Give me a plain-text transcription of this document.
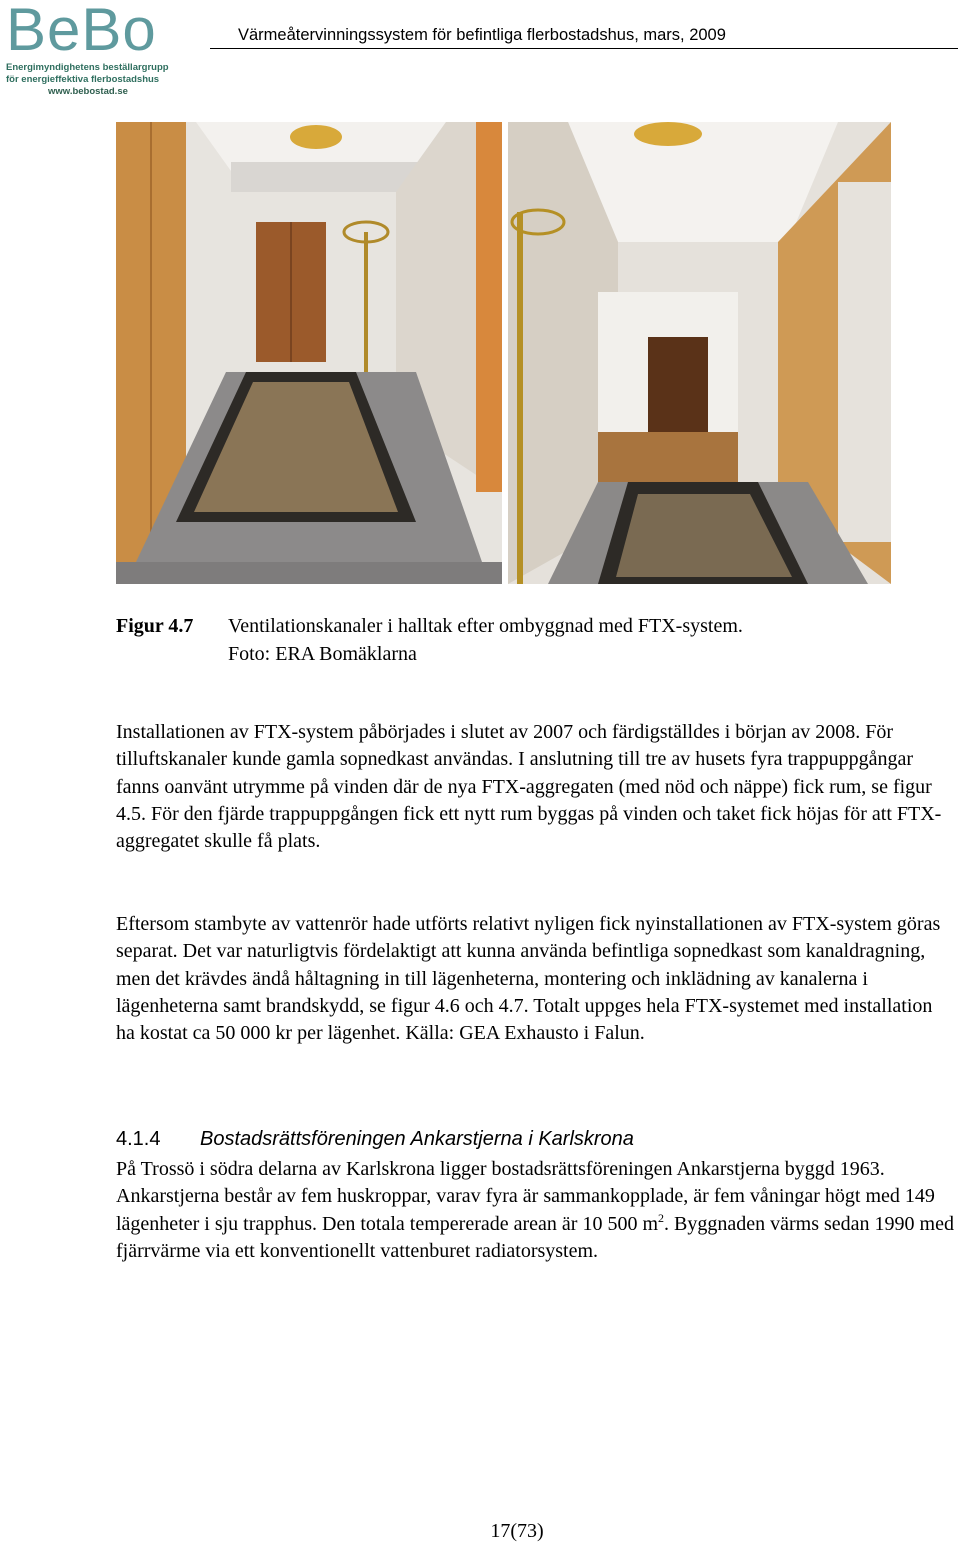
BeBo
Energimyndighetens beställargrupp
för energieffektiva flerbostadshus
www.bebostad.se
Värmeåtervinningssystem för befintliga flerbostadshus, mars, 2009
Figur 4.7 Ventilationskanaler i halltak efter ombyggnad med FTX-system.
Foto: ERA Bomäklarna
Installationen av FTX-system påbörjades i slutet av 2007 och färdigställdes i början av 2008. För tilluftskanaler kunde gamla sopnedkast användas. I anslutning till tre av husets fyra trappuppgångar fanns oanvänt utrymme på vinden där de nya FTX-aggregaten (med nöd och näppe) fick rum, se figur 4.5. För den fjärde trappuppgången fick ett nytt rum byggas på vinden och taket fick höjas för att FTX-aggregatet skulle få plats.
Eftersom stambyte av vattenrör hade utförts relativt nyligen fick nyinstallationen av FTX-system göras separat. Det var naturligtvis fördelaktigt att kunna använda befintliga sopnedkast som kanaldragning, men det krävdes ändå håltagning in till lägenheterna, montering och inklädning av kanalerna i lägenheterna samt brandskydd, se figur 4.6 och 4.7. Totalt uppges hela FTX-systemet med installation ha kostat ca 50 000 kr per lägenhet. Källa: GEA Exhausto i Falun.
4.1.4 Bostadsrättsföreningen Ankarstjerna i Karlskrona
På Trossö i södra delarna av Karlskrona ligger bostadsrättsföreningen Ankarstjerna byggd 1963. Ankarstjerna består av fem huskroppar, varav fyra är sammankopplade, är fem våningar högt med 149 lägenheter i sju trapphus. Den totala tempererade arean är 10 500 $m^2$. Byggnaden värms sedan 1990 med fjärrvärme via ett konventionellt vattenburet radiatorsystem.
17(73)
